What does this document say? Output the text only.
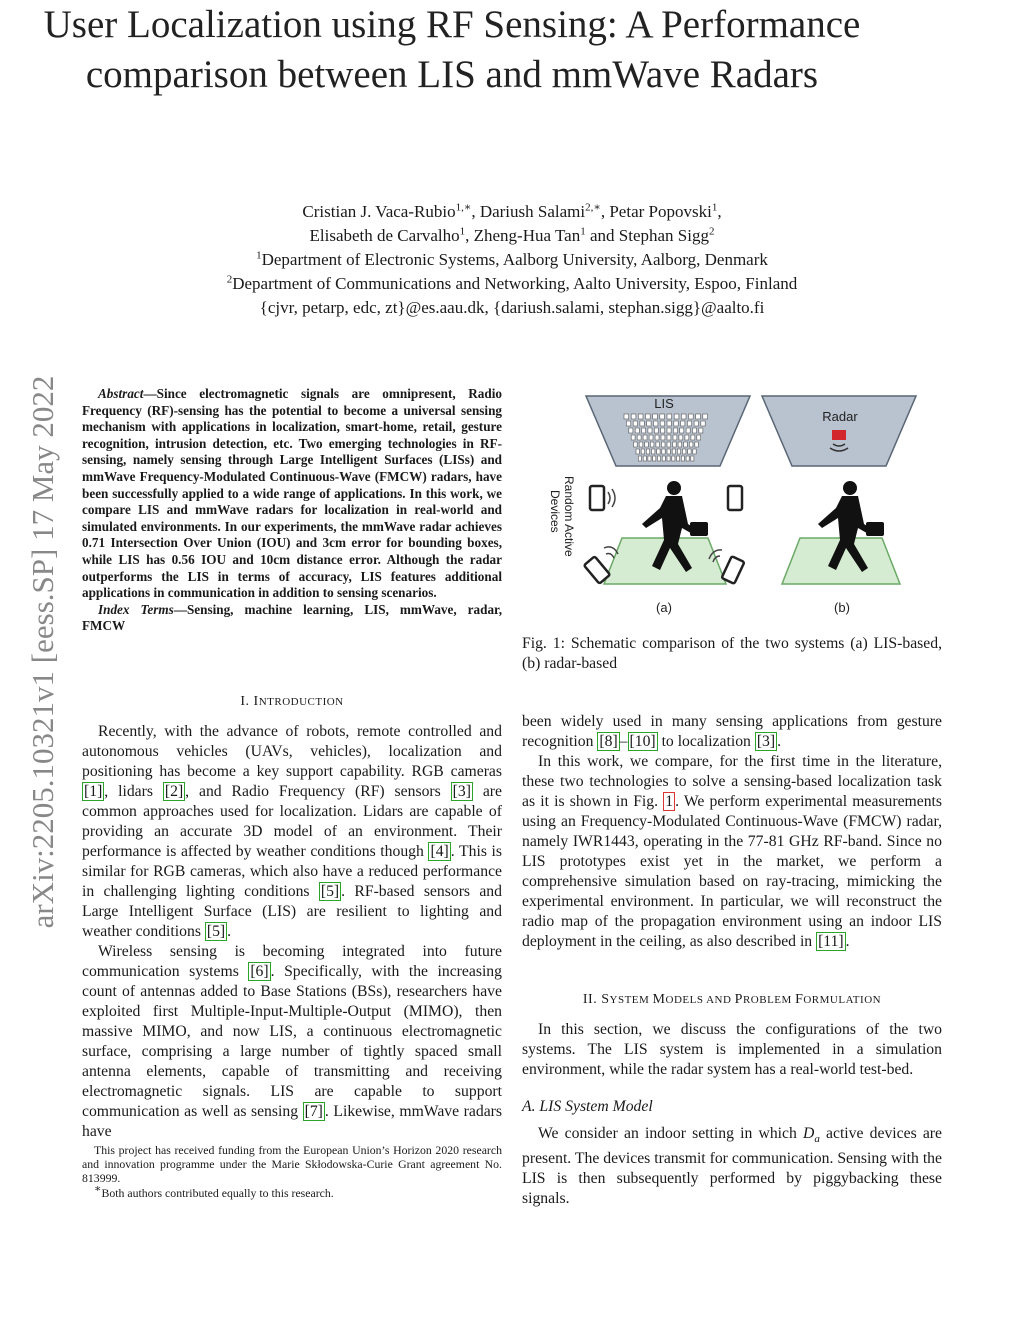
User Localization using RF Sensing: A Performance
comparison between LIS and mmWave Radars
Cristian J. Vaca-Rubio$^{1,∗}$, Dariush Salami$^{2,∗}$, Petar Popovski$^1$,
Elisabeth de Carvalho$^1$, Zheng-Hua Tan$^1$ and Stephan Sigg$^2$
$^1$Department of Electronic Systems, Aalborg University, Aalborg, Denmark
$^2$Department of Communications and Networking, Aalto University, Espoo, Finland
{cjvr, petarp, edc, zt}@es.aau.dk, {dariush.salami, stephan.sigg}@aalto.fi
arXiv:2205.10321v1 [eess.SP] 17 May 2022	Abstract—Since electromagnetic signals are omnipresent, Radio Frequency (RF)-sensing has the potential to become a universal sensing mechanism with applications in localization, smart-home, retail, gesture recognition, intrusion detection, etc. Two emerging technologies in RF-sensing, namely sensing through Large Intelligent Surfaces (LISs) and mmWave Frequency-Modulated Continuous-Wave (FMCW) radars, have been successfully applied to a wide range of applications. In this work, we compare LIS and mmWave radars for localization in real-world and simulated environments. In our experiments, the mmWave radar achieves 0.71 Intersection Over Union (IOU) and 3cm error for bounding boxes, while LIS has 0.56 IOU and 10cm distance error. Although the radar outperforms the LIS in terms of accuracy, LIS features additional applications in communication in addition to sensing scenarios.

Index Terms—Sensing, machine learning, LIS, mmWave, radar, FMCW

I. INTRODUCTION

Recently, with the advance of robots, remote controlled and autonomous vehicles (UAVs, vehicles), localization and positioning has become a key support capability. RGB cameras [1] , lidars [2] , and Radio Frequency (RF) sensors [3] are common approaches used for localization. Lidars are capable of providing an accurate 3D model of an environment. Their performance is affected by weather conditions though [4] . This is similar for RGB cameras, which also have a reduced performance in challenging lighting conditions [5] . RF-based sensors and Large Intelligent Surface (LIS) are resilient to lighting and weather conditions [5] .

Wireless sensing is becoming integrated into future communication systems [6] . Specifically, with the increasing count of antennas added to Base Stations (BSs), researchers have exploited first Multiple-Input-Multiple-Output (MIMO), then massive MIMO, and now LIS, a continuous electromagnetic surface, comprising a large number of tightly spaced small antenna elements, capable of transmitting and receiving electromagnetic signals. LIS are capable to support communication as well as sensing [7] . Likewise, mmWave radars have

This project has received funding from the European Union’s Horizon 2020 research and innovation programme under the Marie Skłodowska-Curie Grant agreement No. 813999.

∗Both authors contributed equally to this research.

LIS
Random Active
Devices
(a)
Radar
(b)
Fig. 1: Schematic comparison of the two systems (a) LIS-based, (b) radar-based

been widely used in many sensing applications from gesture recognition [8] – [10] to localization [3] .

In this work, we compare, for the first time in the literature, these two technologies to solve a sensing-based localization task as it is shown in Fig. 1 . We perform experimental measurements using an Frequency-Modulated Continuous-Wave (FMCW) radar, namely IWR1443, operating in the 77-81 GHz RF-band. Since no LIS prototypes exist yet in the market, we perform a comprehensive simulation based on ray-tracing, mimicking the experimental environment. In particular, we will reconstruct the radio map of the propagation environment using an indoor LIS deployment in the ceiling, as also described in [11] .

II. SYSTEM MODELS AND PROBLEM FORMULATION

In this section, we discuss the configurations of the two systems. The LIS system is implemented in a simulation environment, while the radar system has a real-world test-bed.

A. LIS System Model

We consider an indoor setting in which $D_a$ active devices are present. The devices transmit for communication. Sensing with the LIS is then subsequently performed by piggybacking these signals.
